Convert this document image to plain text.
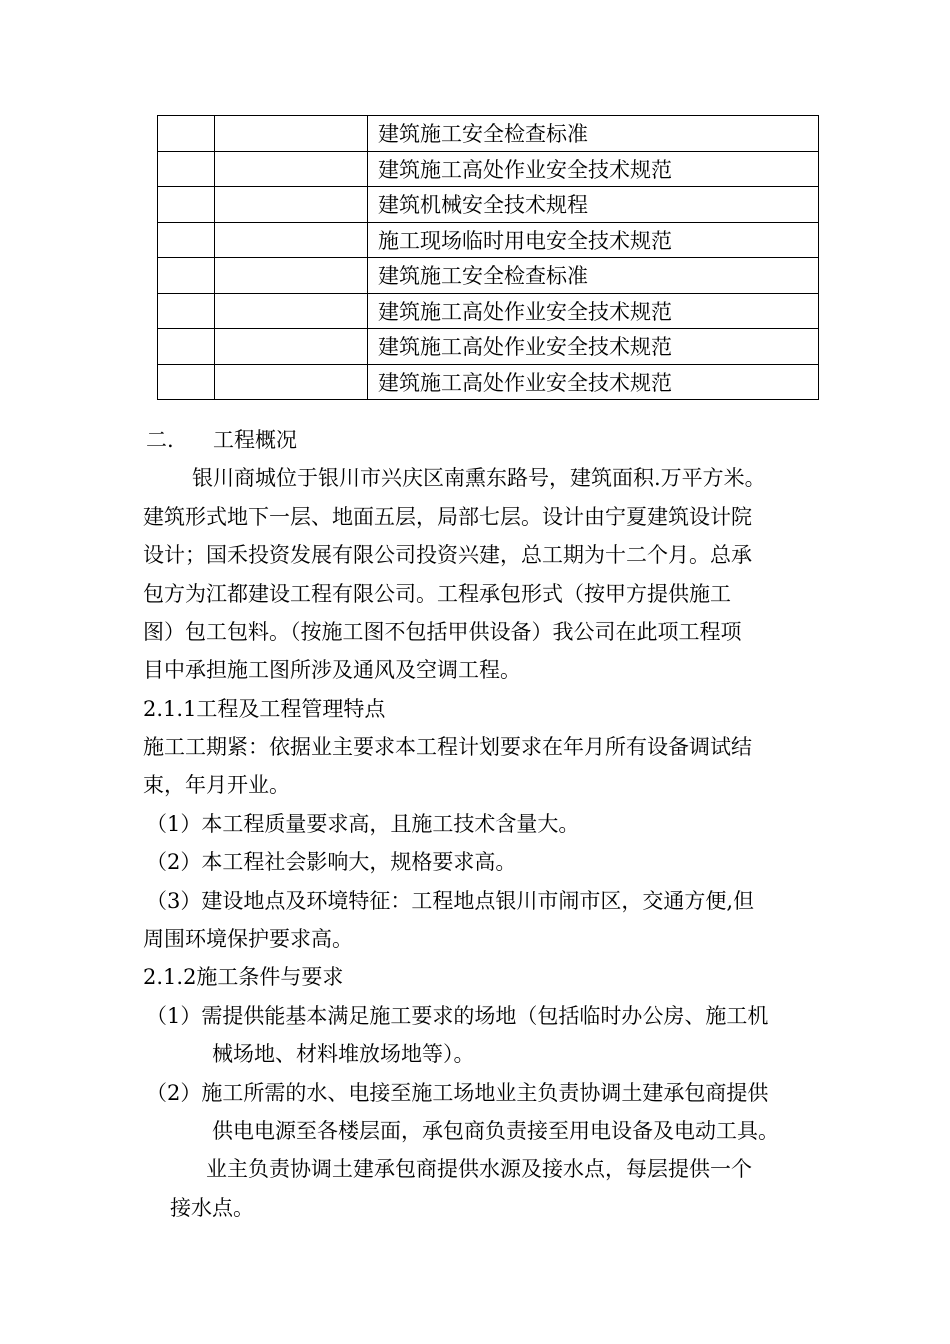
		建筑施工安全检查标准
		建筑施工高处作业安全技术规范
		建筑机械安全技术规程
		施工现场临时用电安全技术规范
		建筑施工安全检查标准
		建筑施工高处作业安全技术规范
		建筑施工高处作业安全技术规范
		建筑施工高处作业安全技术规范
二. 工程概况
银川商城位于银川市兴庆区南熏东路号，建筑面积.万平方米。
建筑形式地下一层、地面五层，局部七层。设计由宁夏建筑设计院
设计；国禾投资发展有限公司投资兴建，总工期为十二个月。总承
包方为江都建设工程有限公司。工程承包形式（按甲方提供施工
图）包工包料。（按施工图不包括甲供设备）我公司在此项工程项
目中承担施工图所涉及通风及空调工程。
2.1.1工程及工程管理特点
施工工期紧：依据业主要求本工程计划要求在年月所有设备调试结
束，年月开业。
（1）本工程质量要求高，且施工技术含量大。
（2）本工程社会影响大，规格要求高。
（3）建设地点及环境特征：工程地点银川市闹市区，交通方便,但
周围环境保护要求高。
2.1.2施工条件与要求
（1）需提供能基本满足施工要求的场地（包括临时办公房、施工机
械场地、材料堆放场地等）。
（2）施工所需的水、电接至施工场地业主负责协调土建承包商提供
供电电源至各楼层面，承包商负责接至用电设备及电动工具。
业主负责协调土建承包商提供水源及接水点，每层提供一个
接水点。
